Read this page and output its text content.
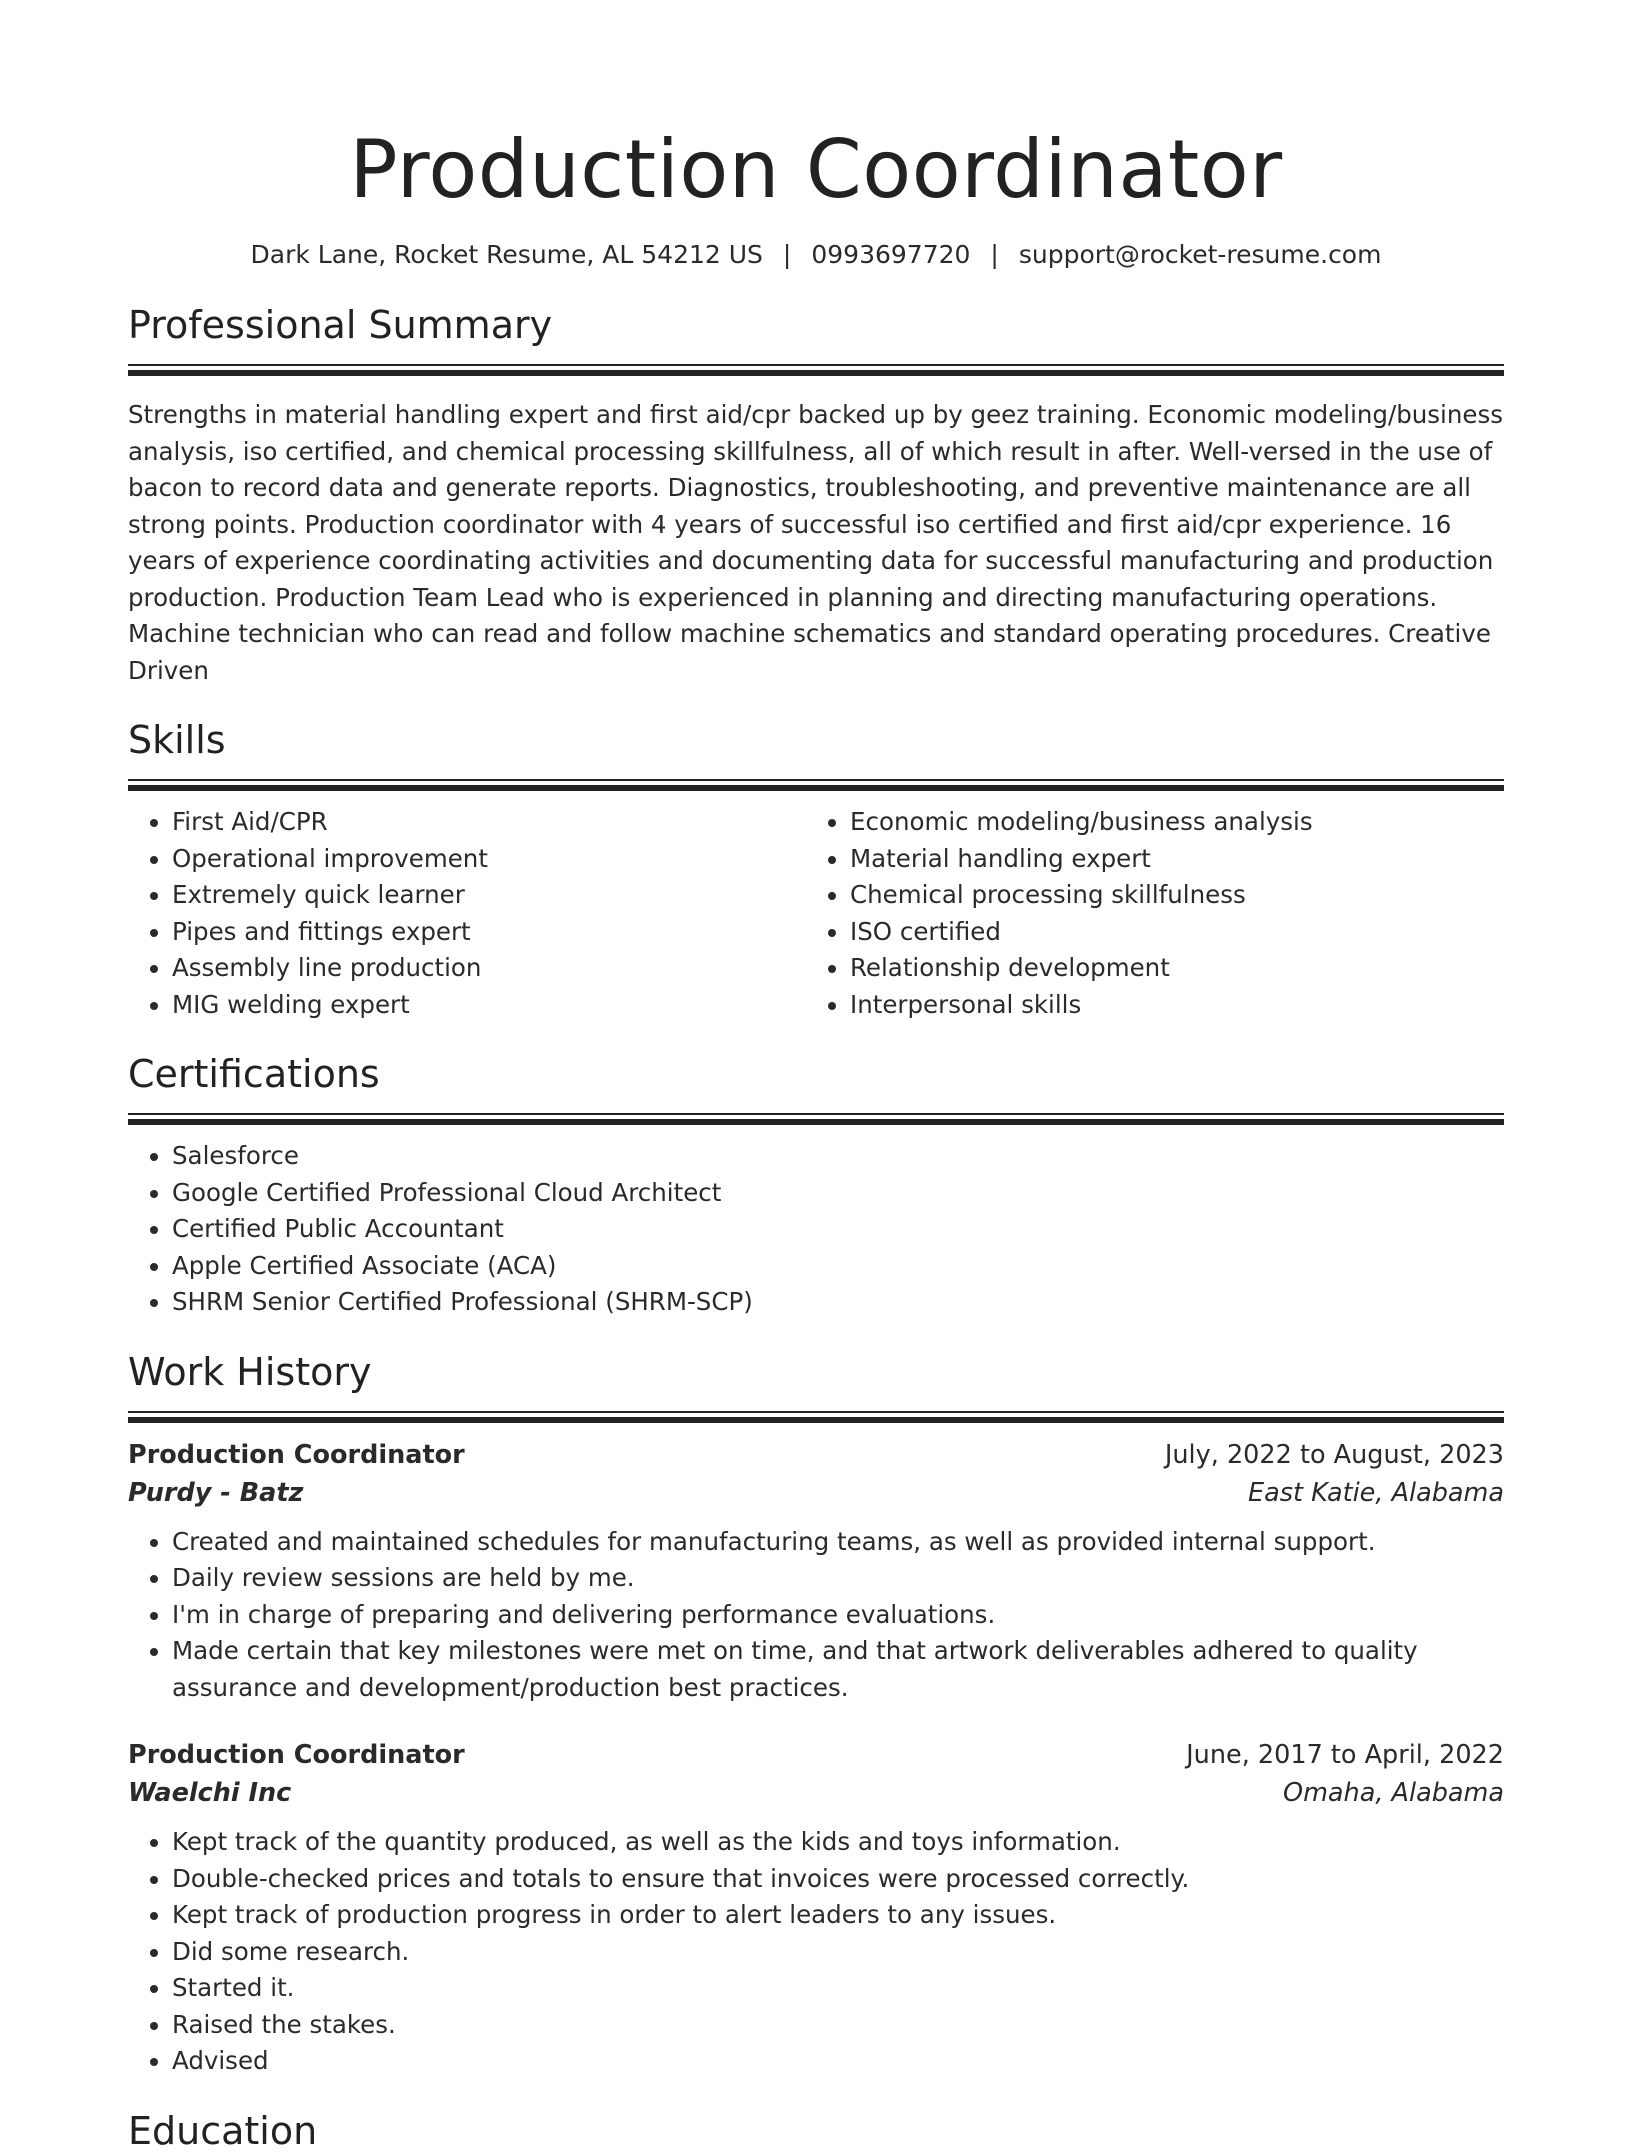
Production Coordinator
Dark Lane, Rocket Resume, AL 54212 US | 0993697720 | support@rocket-resume.com
Professional Summary

Strengths in material handling expert and first aid/cpr backed up by geez training. Economic modeling/business analysis, iso certified, and chemical processing skillfulness, all of which result in after. Well-versed in the use of bacon to record data and generate reports. Diagnostics, troubleshooting, and preventive maintenance are all strong points. Production coordinator with 4 years of successful iso certified and first aid/cpr experience. 16 years of experience coordinating activities and documenting data for successful manufacturing and production production. Production Team Lead who is experienced in planning and directing manufacturing operations. Machine technician who can read and follow machine schematics and standard operating procedures. Creative Driven

Skills
• First Aid/CPR
• Operational improvement
• Extremely quick learner
• Pipes and fittings expert
• Assembly line production
• MIG welding expert
• Economic modeling/business analysis
• Material handling expert
• Chemical processing skillfulness
• ISO certified
• Relationship development
• Interpersonal skills
Certifications
• Salesforce
• Google Certified Professional Cloud Architect
• Certified Public Accountant
• Apple Certified Associate (ACA)
• SHRM Senior Certified Professional (SHRM-SCP)
Work History
Production Coordinator	July, 2022 to August, 2023
Purdy - Batz	East Katie, Alabama
• Created and maintained schedules for manufacturing teams, as well as provided internal support.
• Daily review sessions are held by me.
• I'm in charge of preparing and delivering performance evaluations.
• Made certain that key milestones were met on time, and that artwork deliverables adhered to quality assurance and development/production best practices.
Production Coordinator	June, 2017 to April, 2022
Waelchi Inc	Omaha, Alabama
• Kept track of the quantity produced, as well as the kids and toys information.
• Double-checked prices and totals to ensure that invoices were processed correctly.
• Kept track of production progress in order to alert leaders to any issues.
• Did some research.
• Started it.
• Raised the stakes.
• Advised
Education
